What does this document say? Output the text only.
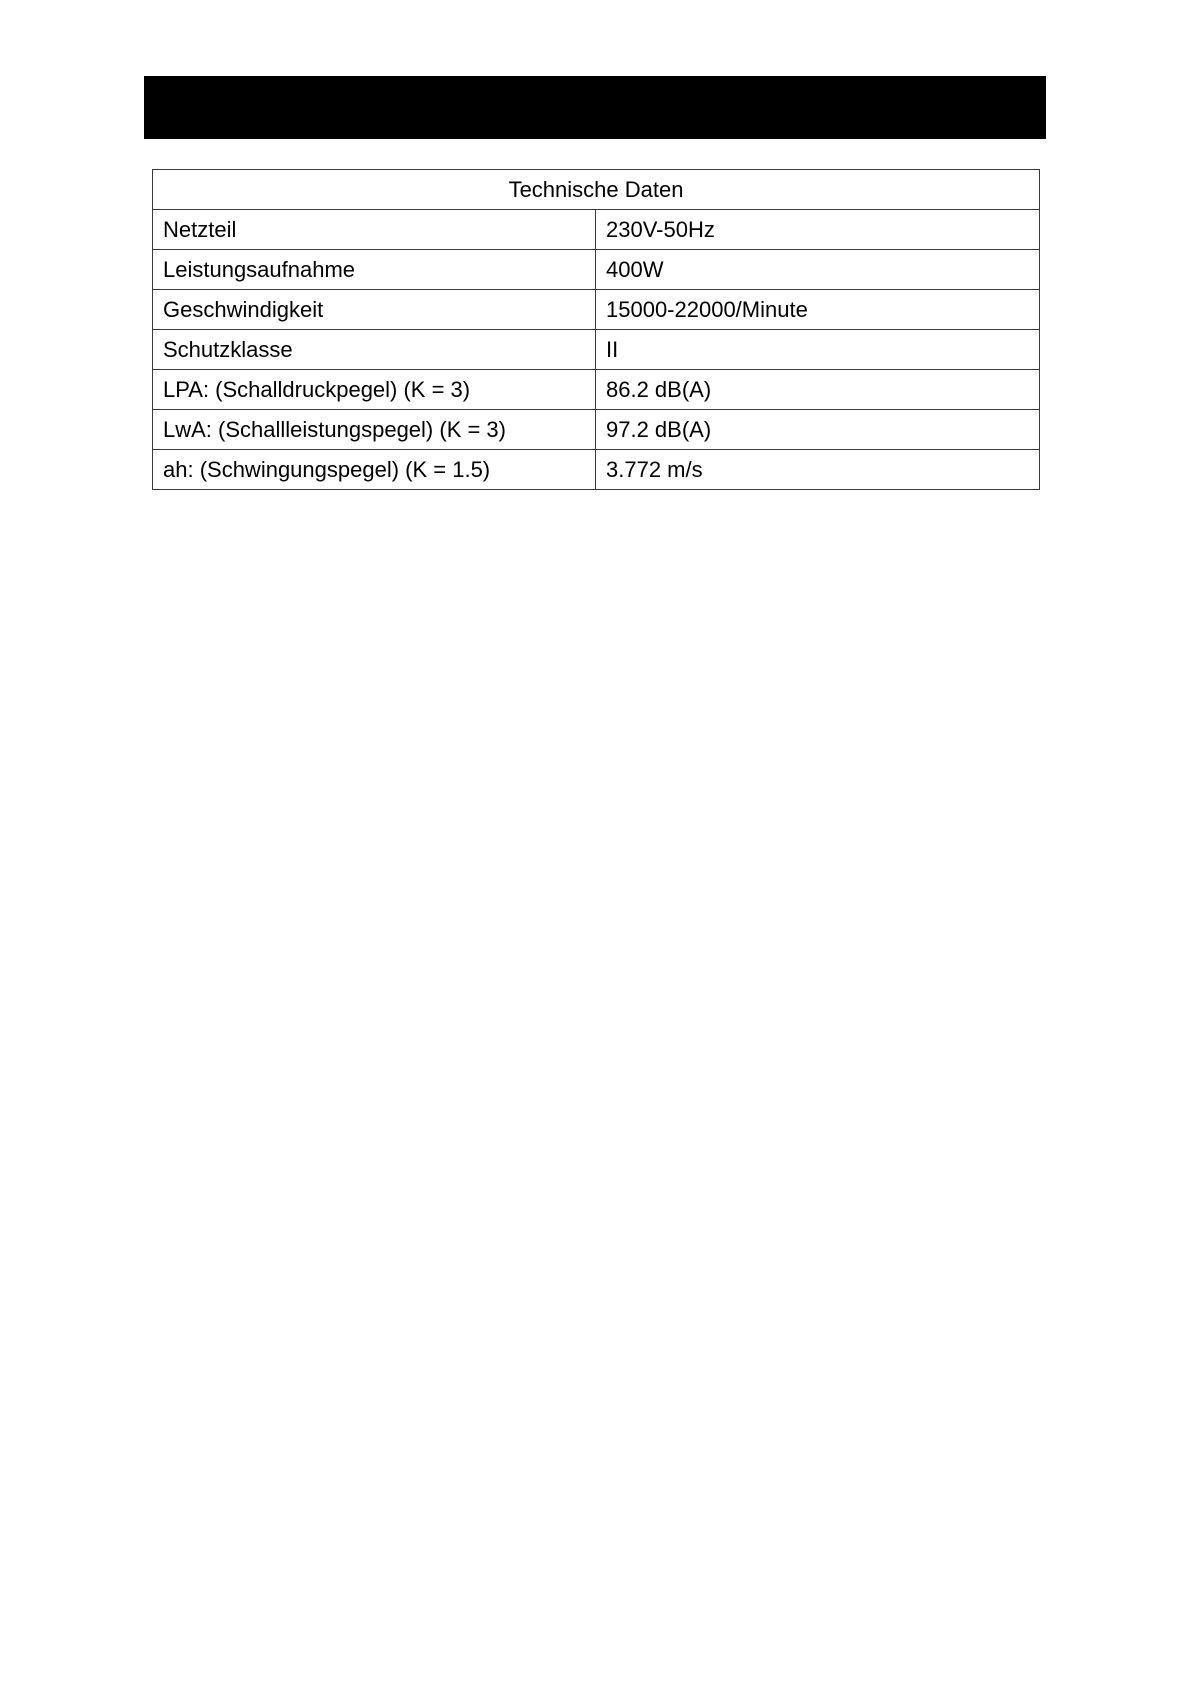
Technische Daten	
Netzteil	230V-50Hz
Leistungsaufnahme	400W
Geschwindigkeit	15000-22000/Minute
Schutzklasse	II
LPA: (Schalldruckpegel) (K = 3)	86.2 dB(A)
LwA: (Schallleistungspegel) (K = 3)	97.2 dB(A)
ah: (Schwingungspegel) (K = 1.5)	3.772 m/s
